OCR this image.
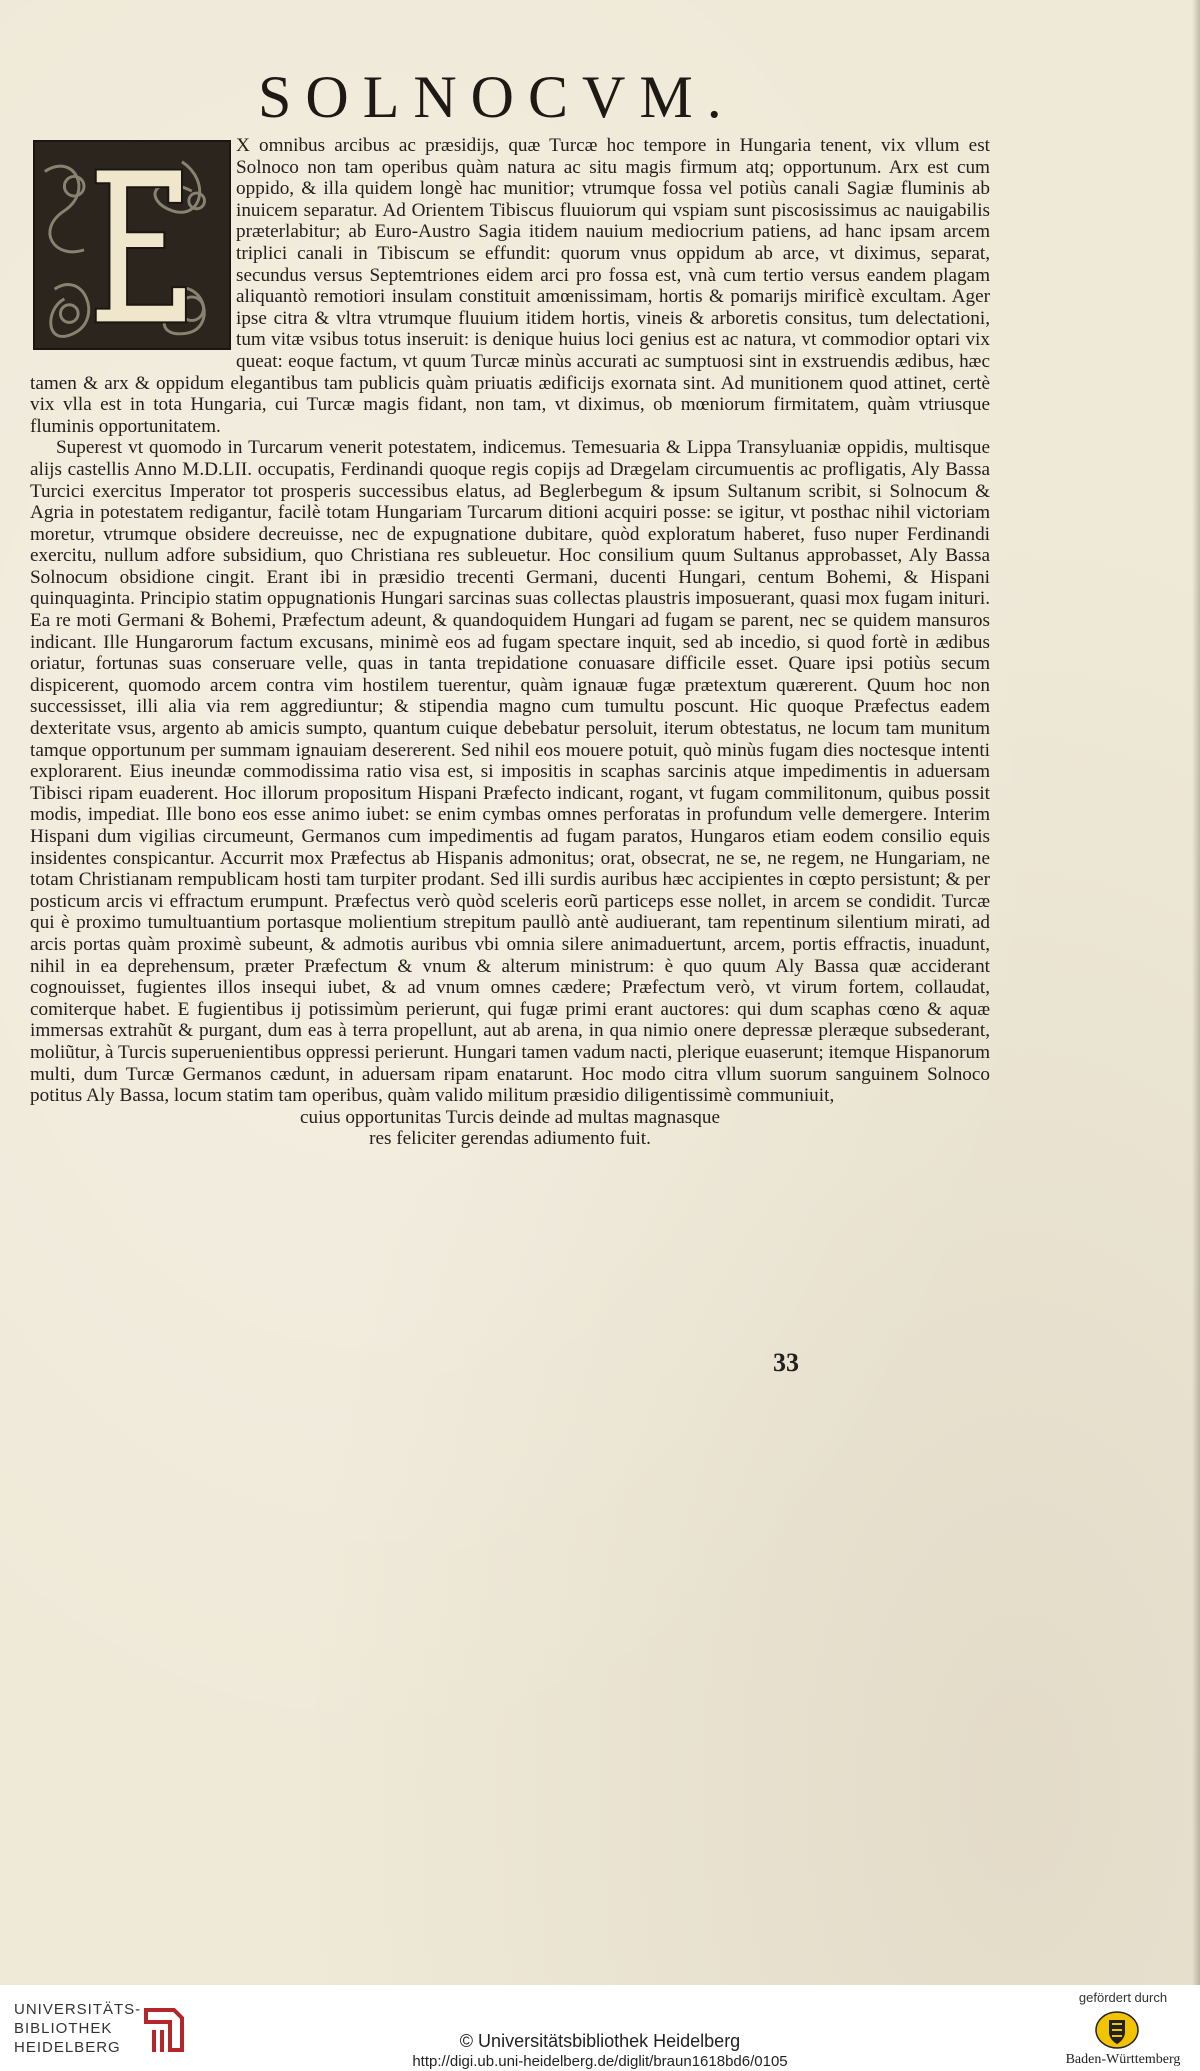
SOLNOCVM.
E	X omnibus arcibus ac præsidijs, quæ Turcæ hoc tempore in Hungaria tenent, vix vllum est Solnoco non tam operibus quàm natura ac situ magis firmum atq; opportunum. Arx est cum oppido, & illa quidem longè hac munitior; vtrumque fossa vel potiùs canali Sagiæ fluminis ab inuicem separatur. Ad Orientem Tibiscus fluuiorum qui vspiam sunt piscosissimus ac nauigabilis præterlabitur; ab Euro-Austro Sagia itidem nauium mediocrium patiens, ad hanc ipsam arcem triplici canali in Tibiscum se effundit: quorum vnus oppidum ab arce, vt diximus, separat, secundus versus Septemtriones eidem arci pro fossa est, vnà cum tertio versus eandem plagam aliquantò remotiori insulam constituit amœnissimam, hortis & pomarijs mirificè excultam. Ager ipse citra & vltra vtrumque fluuium itidem hortis, vineis & arboretis consitus, tum delectationi, tum vitæ vsibus totus inseruit: is denique huius loci genius est ac natura, vt commodior optari vix queat: eoque factum, vt quum Turcæ minùs accurati ac sumptuosi sint in exstruendis ædibus, hæc tamen & arx & oppidum elegantibus tam publicis quàm priuatis ædificijs exornata sint. Ad munitionem quod attinet, certè vix vlla est in tota Hungaria, cui Turcæ magis fidant, non tam, vt diximus, ob mœniorum firmitatem, quàm vtriusque fluminis opportunitatem.

Superest vt quomodo in Turcarum venerit potestatem, indicemus. Temesuaria & Lippa Transyluaniæ oppidis, multisque alijs castellis Anno M.D.LII. occupatis, Ferdinandi quoque regis copijs ad Drægelam circumuentis ac profligatis, Aly Bassa Turcici exercitus Imperator tot prosperis successibus elatus, ad Beglerbegum & ipsum Sultanum scribit, si Solnocum & Agria in potestatem redigantur, facilè totam Hungariam Turcarum ditioni acquiri posse: se igitur, vt posthac nihil victoriam moretur, vtrumque obsidere decreuisse, nec de expugnatione dubitare, quòd exploratum haberet, fuso nuper Ferdinandi exercitu, nullum adfore subsidium, quo Christiana res subleuetur. Hoc consilium quum Sultanus approbasset, Aly Bassa Solnocum obsidione cingit. Erant ibi in præsidio trecenti Germani, ducenti Hungari, centum Bohemi, & Hispani quinquaginta. Principio statim oppugnationis Hungari sarcinas suas collectas plaustris imposuerant, quasi mox fugam inituri. Ea re moti Germani & Bohemi, Præfectum adeunt, & quandoquidem Hungari ad fugam se parent, nec se quidem mansuros indicant. Ille Hungarorum factum excusans, minimè eos ad fugam spectare inquit, sed ab incedio, si quod fortè in ædibus oriatur, fortunas suas conseruare velle, quas in tanta trepidatione conuasare difficile esset. Quare ipsi potiùs secum dispicerent, quomodo arcem contra vim hostilem tuerentur, quàm ignauæ fugæ prætextum quærerent. Quum hoc non successisset, illi alia via rem aggrediuntur; & stipendia magno cum tumultu poscunt. Hic quoque Præfectus eadem dexteritate vsus, argento ab amicis sumpto, quantum cuique debebatur persoluit, iterum obtestatus, ne locum tam munitum tamque opportunum per summam ignauiam desererent. Sed nihil eos mouere potuit, quò minùs fugam dies noctesque intenti explorarent. Eius ineundæ commodissima ratio visa est, si impositis in scaphas sarcinis atque impedimentis in aduersam Tibisci ripam euaderent. Hoc illorum propositum Hispani Præfecto indicant, rogant, vt fugam commilitonum, quibus possit modis, impediat. Ille bono eos esse animo iubet: se enim cymbas omnes perforatas in profundum velle demergere. Interim Hispani dum vigilias circumeunt, Germanos cum impedimentis ad fugam paratos, Hungaros etiam eodem consilio equis insidentes conspicantur. Accurrit mox Præfectus ab Hispanis admonitus; orat, obsecrat, ne se, ne regem, ne Hungariam, ne totam Christianam rempublicam hosti tam turpiter prodant. Sed illi surdis auribus hæc accipientes in cœpto persistunt; & per posticum arcis vi effractum erumpunt. Præfectus verò quòd sceleris eorũ particeps esse nollet, in arcem se condidit. Turcæ qui è proximo tumultuantium portasque molientium strepitum paullò antè audiuerant, tam repentinum silentium mirati, ad arcis portas quàm proximè subeunt, & admotis auribus vbi omnia silere animaduertunt, arcem, portis effractis, inuadunt, nihil in ea deprehensum, præter Præfectum & vnum & alterum ministrum: è quo quum Aly Bassa quæ acciderant cognouisset, fugientes illos insequi iubet, & ad vnum omnes cædere; Præfectum verò, vt virum fortem, collaudat, comiterque habet. E fugientibus ij potissimùm perierunt, qui fugæ primi erant auctores: qui dum scaphas cœno & aquæ immersas extrahũt & purgant, dum eas à terra propellunt, aut ab arena, in qua nimio onere depressæ pleræque subsederant, moliũtur, à Turcis superuenientibus oppressi perierunt. Hungari tamen vadum nacti, plerique euaserunt; itemque Hispanorum multi, dum Turcæ Germanos cædunt, in aduersam ripam enatarunt. Hoc modo citra vllum suorum sanguinem Solnoco potitus Aly Bassa, locum statim tam operibus, quàm valido militum præsidio diligentissimè communiuit,

cuius opportunitas Turcis deinde ad multas magnasque
res feliciter gerendas adiumento fuit.

33
UNIVERSITÄTS-
BIBLIOTHEK
HEIDELBERG	© Universitätsbibliothek Heidelberg
http://digi.ub.uni-heidelberg.de/diglit/braun1618bd6/0105
gefördert durch
Baden-Württemberg
